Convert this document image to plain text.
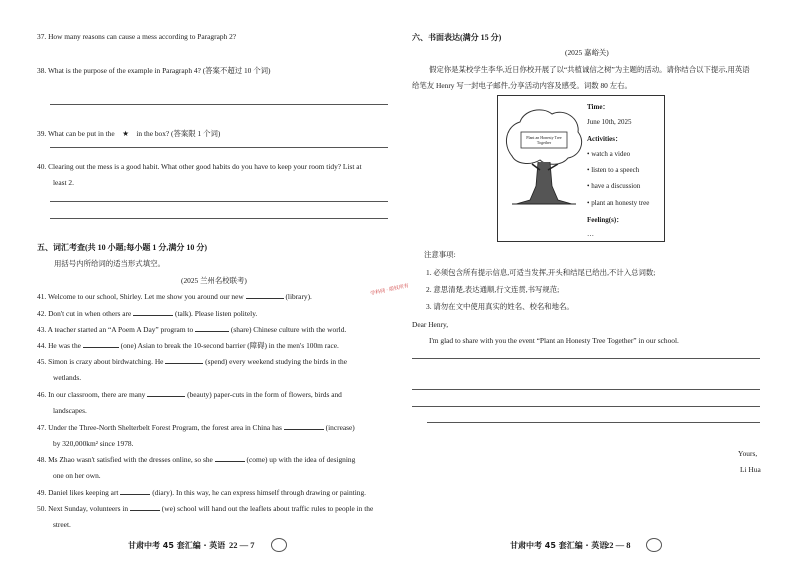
37. How many reasons can cause a mess according to Paragraph 2?
38. What is the purpose of the example in Paragraph 4? (答案不超过 10 个词)
39. What can be put in the ★ in the box? (答案限 1 个词)
40. Clearing out the mess is a good habit. What other good habits do you have to keep your room tidy? List at
least 2.
五、词汇考查(共 10 小题;每小题 1 分,满分 10 分)
用括号内所给词的适当形式填空。
(2025 兰州名校联考)
41. Welcome to our school, Shirley. Let me show you around our new	(library).
42. Don't cut in when others are	(talk). Please listen politely.
43. A teacher started an “A Poem A Day” program to	(share) Chinese culture with the world.
44. He was the	(one) Asian to break the 10-second barrier (障碍) in the men's 100m race.
45. Simon is crazy about birdwatching. He	(spend) every weekend studying the birds in the
wetlands.
46. In our classroom, there are many	(beauty) paper-cuts in the form of flowers, birds and
landscapes.
47. Under the Three-North Shelterbelt Forest Program, the forest area in China has	(increase)
by 320,000km² since 1978.
48. Ms Zhao wasn't satisfied with the dresses online, so she	(come) up with the idea of designing
one on her own.
49. Daniel likes keeping art	(diary). In this way, he can express himself through drawing or painting.
50. Next Sunday, volunteers in	(we) school will hand out the leaflets about traffic rules to people in the
street.
甘肃中考 45 套汇编 · 英语 22 — 7
六、书面表达(满分 15 分)
(2025 嘉峪关)
假定你是某校学生李华,近日你校开展了以“共植诚信之树”为主题的活动。请你结合以下提示,用英语
给笔友 Henry 写一封电子邮件,分享活动内容及感受。词数 80 左右。
Plant an Honesty Tree Together
Time：
June 10th, 2025
Activities：
• watch a video
• listen to a speech
• have a discussion
• plant an honesty tree
Feeling(s)：
…
学科网 · 版权所有
注意事项:
1. 必须包含所有提示信息,可适当发挥,开头和结尾已给出,不计入总词数;
2. 意思清楚,表达通顺,行文连贯,书写规范;
3. 请勿在文中使用真实的姓名、校名和地名。
Dear Henry,
I'm glad to share with you the event “Plant an Honesty Tree Together” in our school.
Yours,
Li Hua
甘肃中考 45 套汇编 · 英语
22 — 8
